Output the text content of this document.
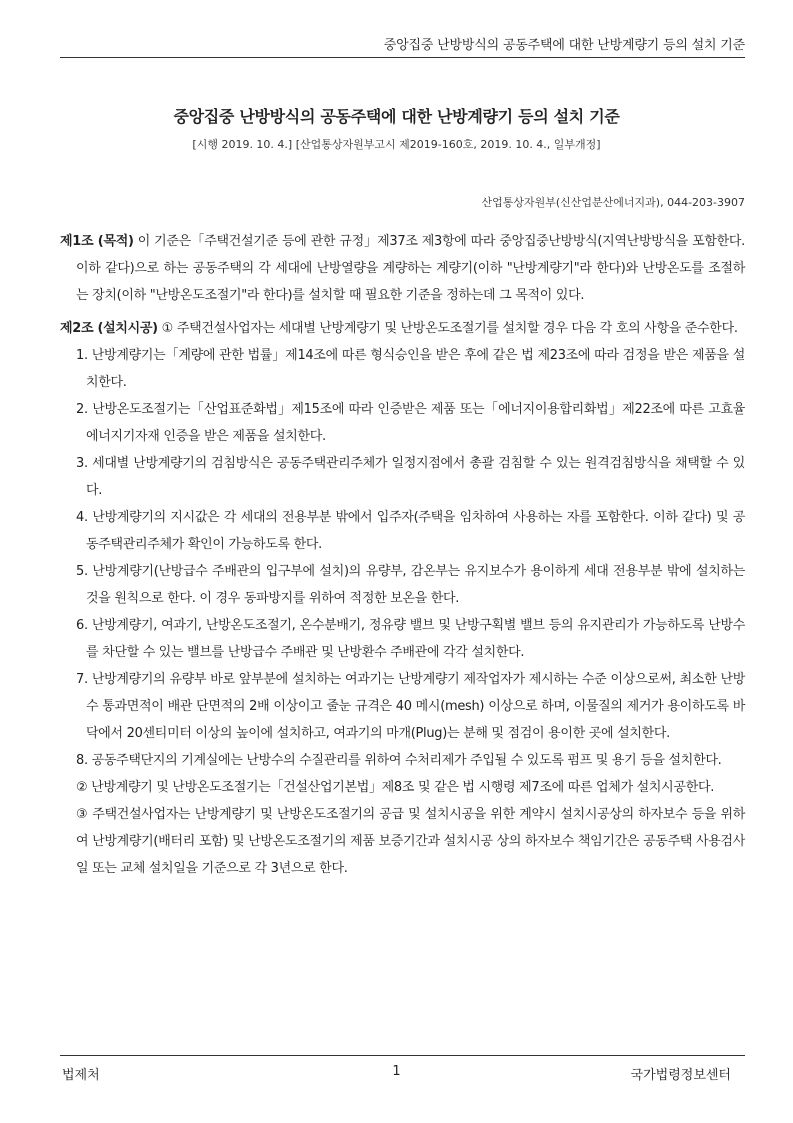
중앙집중 난방방식의 공동주택에 대한 난방계량기 등의 설치 기준
중앙집중 난방방식의 공동주택에 대한 난방계량기 등의 설치 기준
[시행 2019. 10. 4.] [산업통상자원부고시 제2019-160호, 2019. 10. 4., 일부개정]
산업통상자원부(신산업분산에너지과), 044-203-3907

제1조 (목적) 이 기준은「주택건설기준 등에 관한 규정」제37조 제3항에 따라 중앙집중난방방식(지역난방방식을 포함한다. 이하 같다)으로 하는 공동주택의 각 세대에 난방열량을 계량하는 계량기(이하 "난방계량기"라 한다)와 난방온도를 조절하는 장치(이하 "난방온도조절기"라 한다)를 설치할 때 필요한 기준을 정하는데 그 목적이 있다.

제2조 (설치시공) ① 주택건설사업자는 세대별 난방계량기 및 난방온도조절기를 설치할 경우 다음 각 호의 사항을 준수한다.

1. 난방계량기는「계량에 관한 법률」제14조에 따른 형식승인을 받은 후에 같은 법 제23조에 따라 검정을 받은 제품을 설치한다.
2. 난방온도조절기는「산업표준화법」제15조에 따라 인증받은 제품 또는「에너지이용합리화법」제22조에 따른 고효율에너지기자재 인증을 받은 제품을 설치한다.
3. 세대별 난방계량기의 검침방식은 공동주택관리주체가 일정지점에서 총괄 검침할 수 있는 원격검침방식을 채택할 수 있다.
4. 난방계량기의 지시값은 각 세대의 전용부분 밖에서 입주자(주택을 임차하여 사용하는 자를 포함한다. 이하 같다) 및 공동주택관리주체가 확인이 가능하도록 한다.
5. 난방계량기(난방급수 주배관의 입구부에 설치)의 유량부, 감온부는 유지보수가 용이하게 세대 전용부분 밖에 설치하는 것을 원칙으로 한다. 이 경우 동파방지를 위하여 적정한 보온을 한다.
6. 난방계량기, 여과기, 난방온도조절기, 온수분배기, 정유량 밸브 및 난방구획별 밸브 등의 유지관리가 가능하도록 난방수를 차단할 수 있는 밸브를 난방급수 주배관 및 난방환수 주배관에 각각 설치한다.
7. 난방계량기의 유량부 바로 앞부분에 설치하는 여과기는 난방계량기 제작업자가 제시하는 수준 이상으로써, 최소한 난방수 통과면적이 배관 단면적의 2배 이상이고 줄눈 규격은 40 메시(mesh) 이상으로 하며, 이물질의 제거가 용이하도록 바닥에서 20센티미터 이상의 높이에 설치하고, 여과기의 마개(Plug)는 분해 및 점검이 용이한 곳에 설치한다.
8. 공동주택단지의 기계실에는 난방수의 수질관리를 위하여 수처리제가 주입될 수 있도록 펌프 및 용기 등을 설치한다.

② 난방계량기 및 난방온도조절기는「건설산업기본법」제8조 및 같은 법 시행령 제7조에 따른 업체가 설치시공한다.

③ 주택건설사업자는 난방계량기 및 난방온도조절기의 공급 및 설치시공을 위한 계약시 설치시공상의 하자보수 등을 위하여 난방계량기(배터리 포함) 및 난방온도조절기의 제품 보증기간과 설치시공 상의 하자보수 책임기간은 공동주택 사용검사일 또는 교체 설치일을 기준으로 각 3년으로 한다.

법제처	1	국가법령정보센터
